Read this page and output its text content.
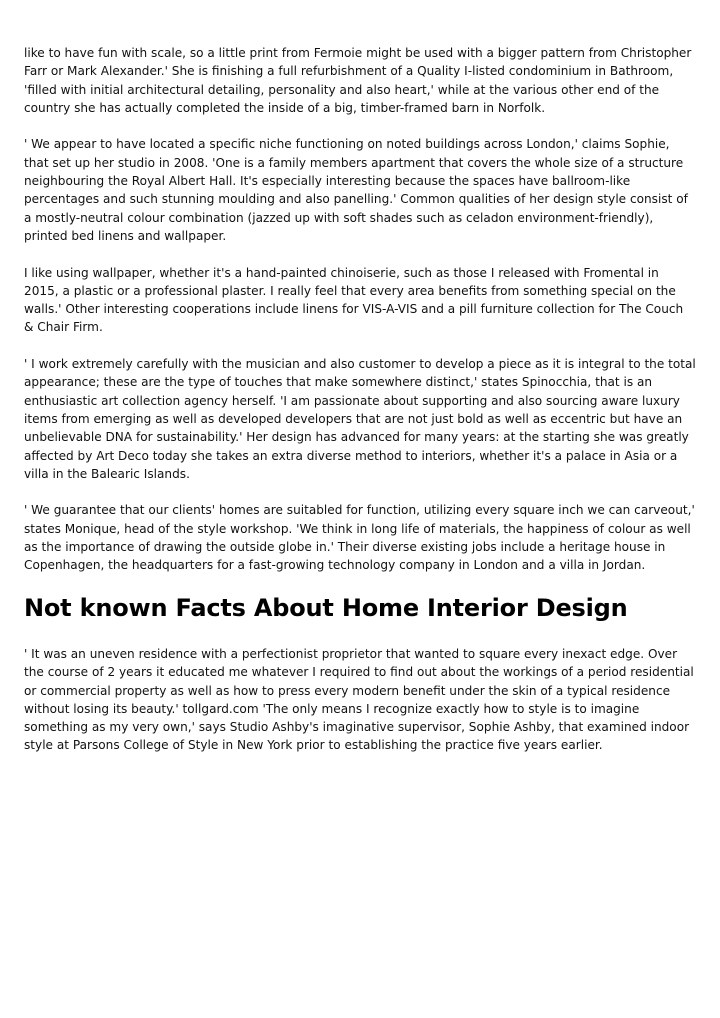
like to have fun with scale, so a little print from Fermoie might be used with a bigger pattern from Christopher Farr or Mark Alexander.' She is finishing a full refurbishment of a Quality I-listed condominium in Bathroom, 'filled with initial architectural detailing, personality and also heart,' while at the various other end of the country she has actually completed the inside of a big, timber-framed barn in Norfolk.

' We appear to have located a specific niche functioning on noted buildings across London,' claims Sophie, that set up her studio in 2008. 'One is a family members apartment that covers the whole size of a structure neighbouring the Royal Albert Hall. It's especially interesting because the spaces have ballroom-like percentages and such stunning moulding and also panelling.' Common qualities of her design style consist of a mostly-neutral colour combination (jazzed up with soft shades such as celadon environment-friendly), printed bed linens and wallpaper.

I like using wallpaper, whether it's a hand-painted chinoiserie, such as those I released with Fromental in 2015, a plastic or a professional plaster. I really feel that every area benefits from something special on the walls.' Other interesting cooperations include linens for VIS-A-VIS and a pill furniture collection for The Couch & Chair Firm.

' I work extremely carefully with the musician and also customer to develop a piece as it is integral to the total appearance; these are the type of touches that make somewhere distinct,' states Spinocchia, that is an enthusiastic art collection agency herself. 'I am passionate about supporting and also sourcing aware luxury items from emerging as well as developed developers that are not just bold as well as eccentric but have an unbelievable DNA for sustainability.' Her design has advanced for many years: at the starting she was greatly affected by Art Deco today she takes an extra diverse method to interiors, whether it's a palace in Asia or a villa in the Balearic Islands.

' We guarantee that our clients' homes are suitabled for function, utilizing every square inch we can carveout,' states Monique, head of the style workshop. 'We think in long life of materials, the happiness of colour as well as the importance of drawing the outside globe in.' Their diverse existing jobs include a heritage house in Copenhagen, the headquarters for a fast-growing technology company in London and a villa in Jordan.

Not known Facts About Home Interior Design

' It was an uneven residence with a perfectionist proprietor that wanted to square every inexact edge. Over the course of 2 years it educated me whatever I required to find out about the workings of a period residential or commercial property as well as how to press every modern benefit under the skin of a typical residence without losing its beauty.' tollgard.com 'The only means I recognize exactly how to style is to imagine something as my very own,' says Studio Ashby's imaginative supervisor, Sophie Ashby, that examined indoor style at Parsons College of Style in New York prior to establishing the practice five years earlier.
